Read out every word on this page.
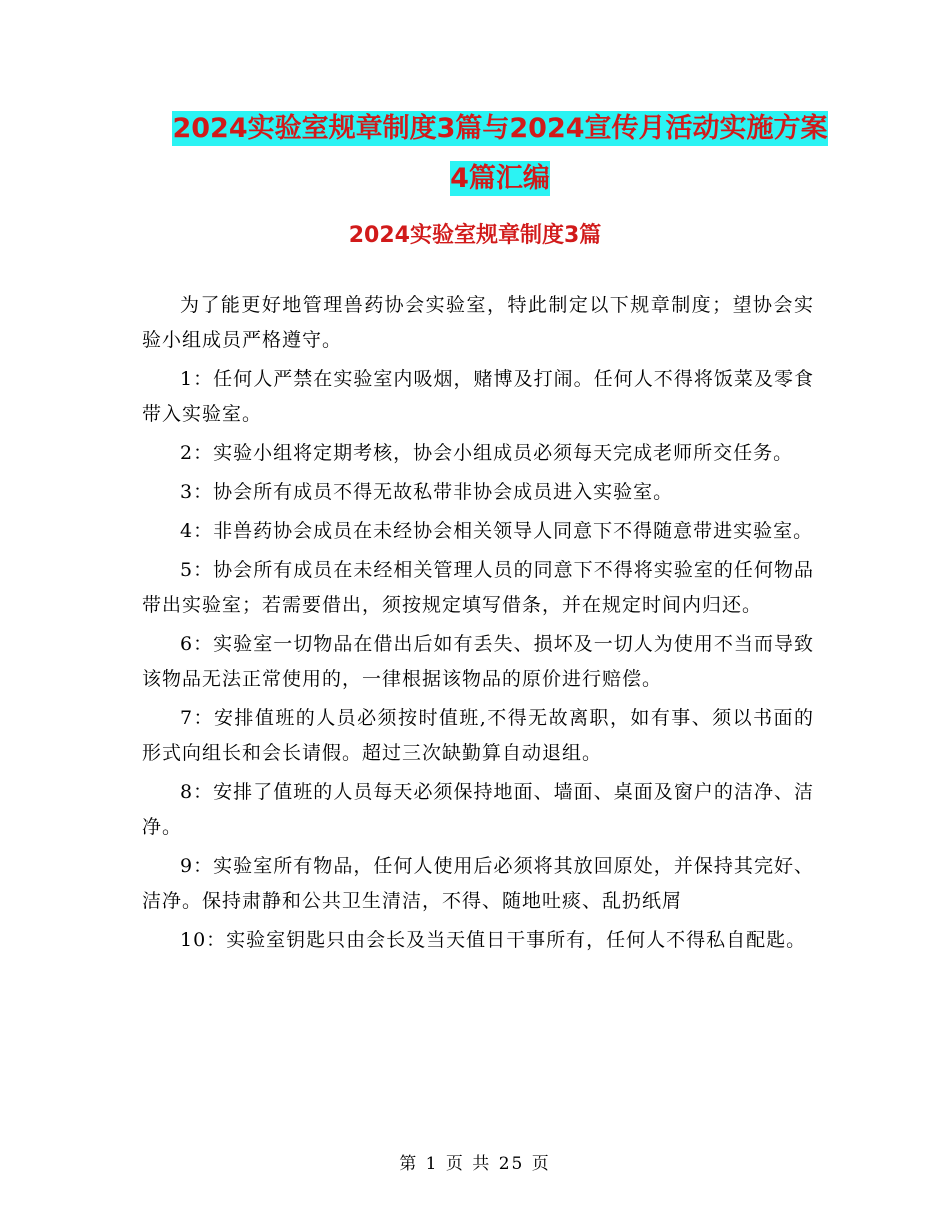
2024实验室规章制度3篇与2024宣传月活动实施方案
4篇汇编
2024实验室规章制度3篇

为了能更好地管理兽药协会实验室，特此制定以下规章制度；望协会实验小组成员严格遵守。

1：任何人严禁在实验室内吸烟，赌博及打闹。任何人不得将饭菜及零食带入实验室。

2：实验小组将定期考核，协会小组成员必须每天完成老师所交任务。

3：协会所有成员不得无故私带非协会成员进入实验室。

4：非兽药协会成员在未经协会相关领导人同意下不得随意带进实验室。

5：协会所有成员在未经相关管理人员的同意下不得将实验室的任何物品带出实验室；若需要借出，须按规定填写借条，并在规定时间内归还。

6：实验室一切物品在借出后如有丢失、损坏及一切人为使用不当而导致该物品无法正常使用的，一律根据该物品的原价进行赔偿。

7：安排值班的人员必须按时值班,不得无故离职，如有事、须以书面的形式向组长和会长请假。超过三次缺勤算自动退组。

8：安排了值班的人员每天必须保持地面、墙面、桌面及窗户的洁净、洁净。

9：实验室所有物品，任何人使用后必须将其放回原处，并保持其完好、洁净。保持肃静和公共卫生清洁，不得、随地吐痰、乱扔纸屑

10：实验室钥匙只由会长及当天值日干事所有，任何人不得私自配匙。

第 1 页 共 25 页
